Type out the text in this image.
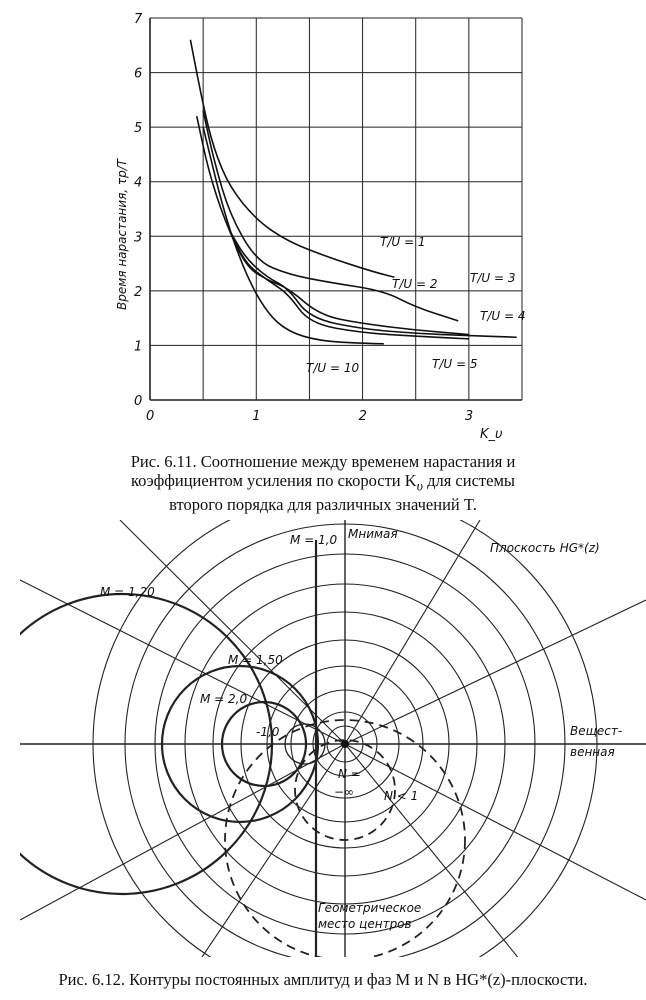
0	1	2	3
0
1
2
3
4
5
6
7
Время нарастания, τp/T
K_υ
T/U = 1
T/U = 2	T/U = 3
T/U = 4
T/U = 5
T/U = 10
Рис. 6.11. Соотношение между временем нарастания и
коэффициентом усиления по скорости $K_\upsilon$ для системы
второго порядка для различных значений T.
Плоскость HG*(z)
Мнимая
Вещест-
венная
M = 1,0
M = 1,20
M = 1,50
M = 2,0
-1,0
N =
−∞ N < 1
Геометрическое
место центров
Рис. 6.12. Контуры постоянных амплитуд и фаз M и N в HG*(z)-плоскости.
